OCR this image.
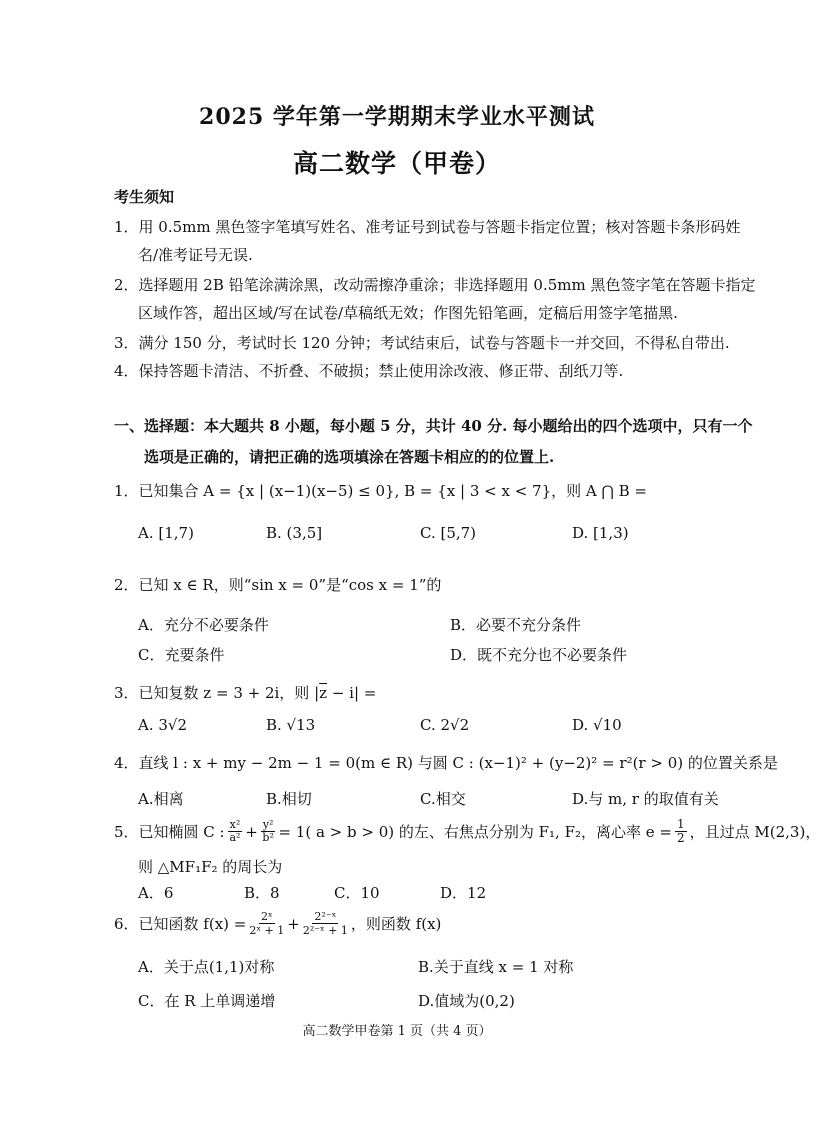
2025 学年第一学期期末学业水平测试
高二数学（甲卷）
考生须知
1．用 0.5mm 黑色签字笔填写姓名、准考证号到试卷与答题卡指定位置；核对答题卡条形码姓
名/准考证号无误.
2．选择题用 2B 铅笔涂满涂黑，改动需擦净重涂；非选择题用 0.5mm 黑色签字笔在答题卡指定
区域作答，超出区域/写在试卷/草稿纸无效；作图先铅笔画，定稿后用签字笔描黑.
3．满分 150 分，考试时长 120 分钟；考试结束后，试卷与答题卡一并交回，不得私自带出.
4．保持答题卡清洁、不折叠、不破损；禁止使用涂改液、修正带、刮纸刀等.
一、选择题：本大题共 8 小题，每小题 5 分，共计 40 分. 每小题给出的四个选项中，只有一个
选项是正确的，请把正确的选项填涂在答题卡相应的的位置上.
1．已知集合 A = {x | (x−1)(x−5) ≤ 0}, B = {x | 3 < x < 7}，则 A ⋂ B =
A. [1,7)	B. (3,5]	C. [5,7)	D. [1,3)
2．已知 x ∈ R，则“sin x = 0”是“cos x = 1”的
A．充分不必要条件	B．必要不充分条件
C．充要条件	D．既不充分也不必要条件
3．已知复数 z = 3 + 2i，则 $|\overline{z} - i|$ =
A. 3√2	B. √13	C. 2√2	D. √10
4．直线 l : x + my − 2m − 1 = 0(m ∈ R) 与圆 C : (x−1)² + (y−2)² = r²(r > 0) 的位置关系是
A.相离	B.相切	C.相交	D.与 m, r 的取值有关
5．已知椭圆 C : $\frac{\text{x²}}{\text{a²}} + \frac{\text{y²}}{\text{b²}} = 1$( a > b > 0) 的左、右焦点分别为 F₁, F₂，离心率 $e = \frac{1}{2}$ ，且过点 M(2,3)，
则 △MF₁F₂ 的周长为
A．6	B．8	C．10	D．12
6．已知函数 $f(x) = \frac{\text{2ˣ}}{\text{2ˣ + 1}} + \frac{\text{2²⁻ˣ}}{\text{2²⁻ˣ + 1}}$ ，则函数 f(x)
A．关于点(1,1)对称	B.关于直线 x = 1 对称
C．在 R 上单调递增	D.值域为(0,2)
高二数学甲卷第 1 页（共 4 页）
